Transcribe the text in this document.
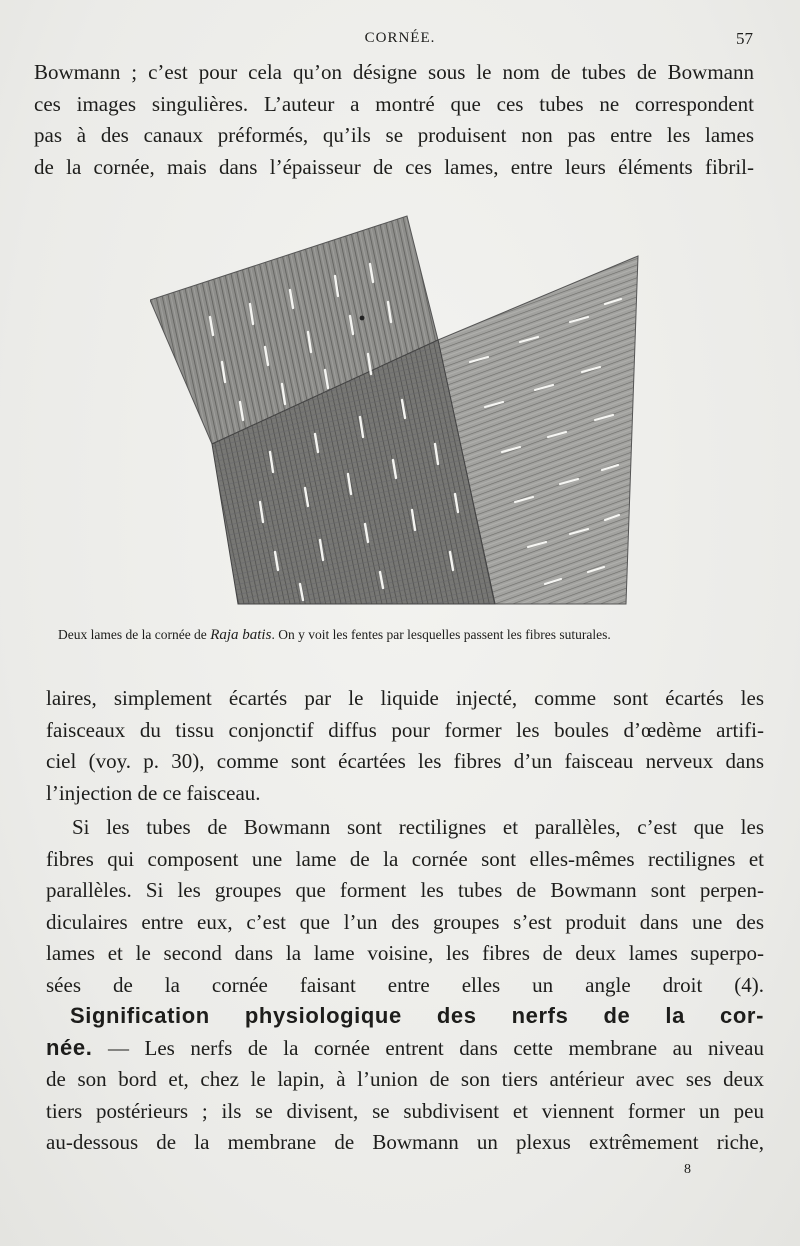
CORNÉE.	57
Bowmann ; c’est pour cela qu’on désigne sous le nom de tubes de Bowmann
ces images singulières. L’auteur a montré que ces tubes ne correspondent
pas à des canaux préformés, qu’ils se produisent non pas entre les lames
de la cornée, mais dans l’épaisseur de ces lames, entre leurs éléments fibril-
Deux lames de la cornée de Raja batis. On y voit les fentes par lesquelles passent les fibres suturales.
laires, simplement écartés par le liquide injecté, comme sont écartés les
faisceaux du tissu conjonctif diffus pour former les boules d’œdème artifi-
ciel (voy. p. 30), comme sont écartées les fibres d’un faisceau nerveux dans
l’injection de ce faisceau.
Si les tubes de Bowmann sont rectilignes et parallèles, c’est que les
fibres qui composent une lame de la cornée sont elles-mêmes rectilignes et
parallèles. Si les groupes que forment les tubes de Bowmann sont perpen-
diculaires entre eux, c’est que l’un des groupes s’est produit dans une des
lames et le second dans la lame voisine, les fibres de deux lames superpo-
sées de la cornée faisant entre elles un angle droit (4).
Signification physiologique des nerfs de la cor-
née. — Les nerfs de la cornée entrent dans cette membrane au niveau
de son bord et, chez le lapin, à l’union de son tiers antérieur avec ses deux
tiers postérieurs ; ils se divisent, se subdivisent et viennent former un peu
au-dessous de la membrane de Bowmann un plexus extrêmement riche,
8
